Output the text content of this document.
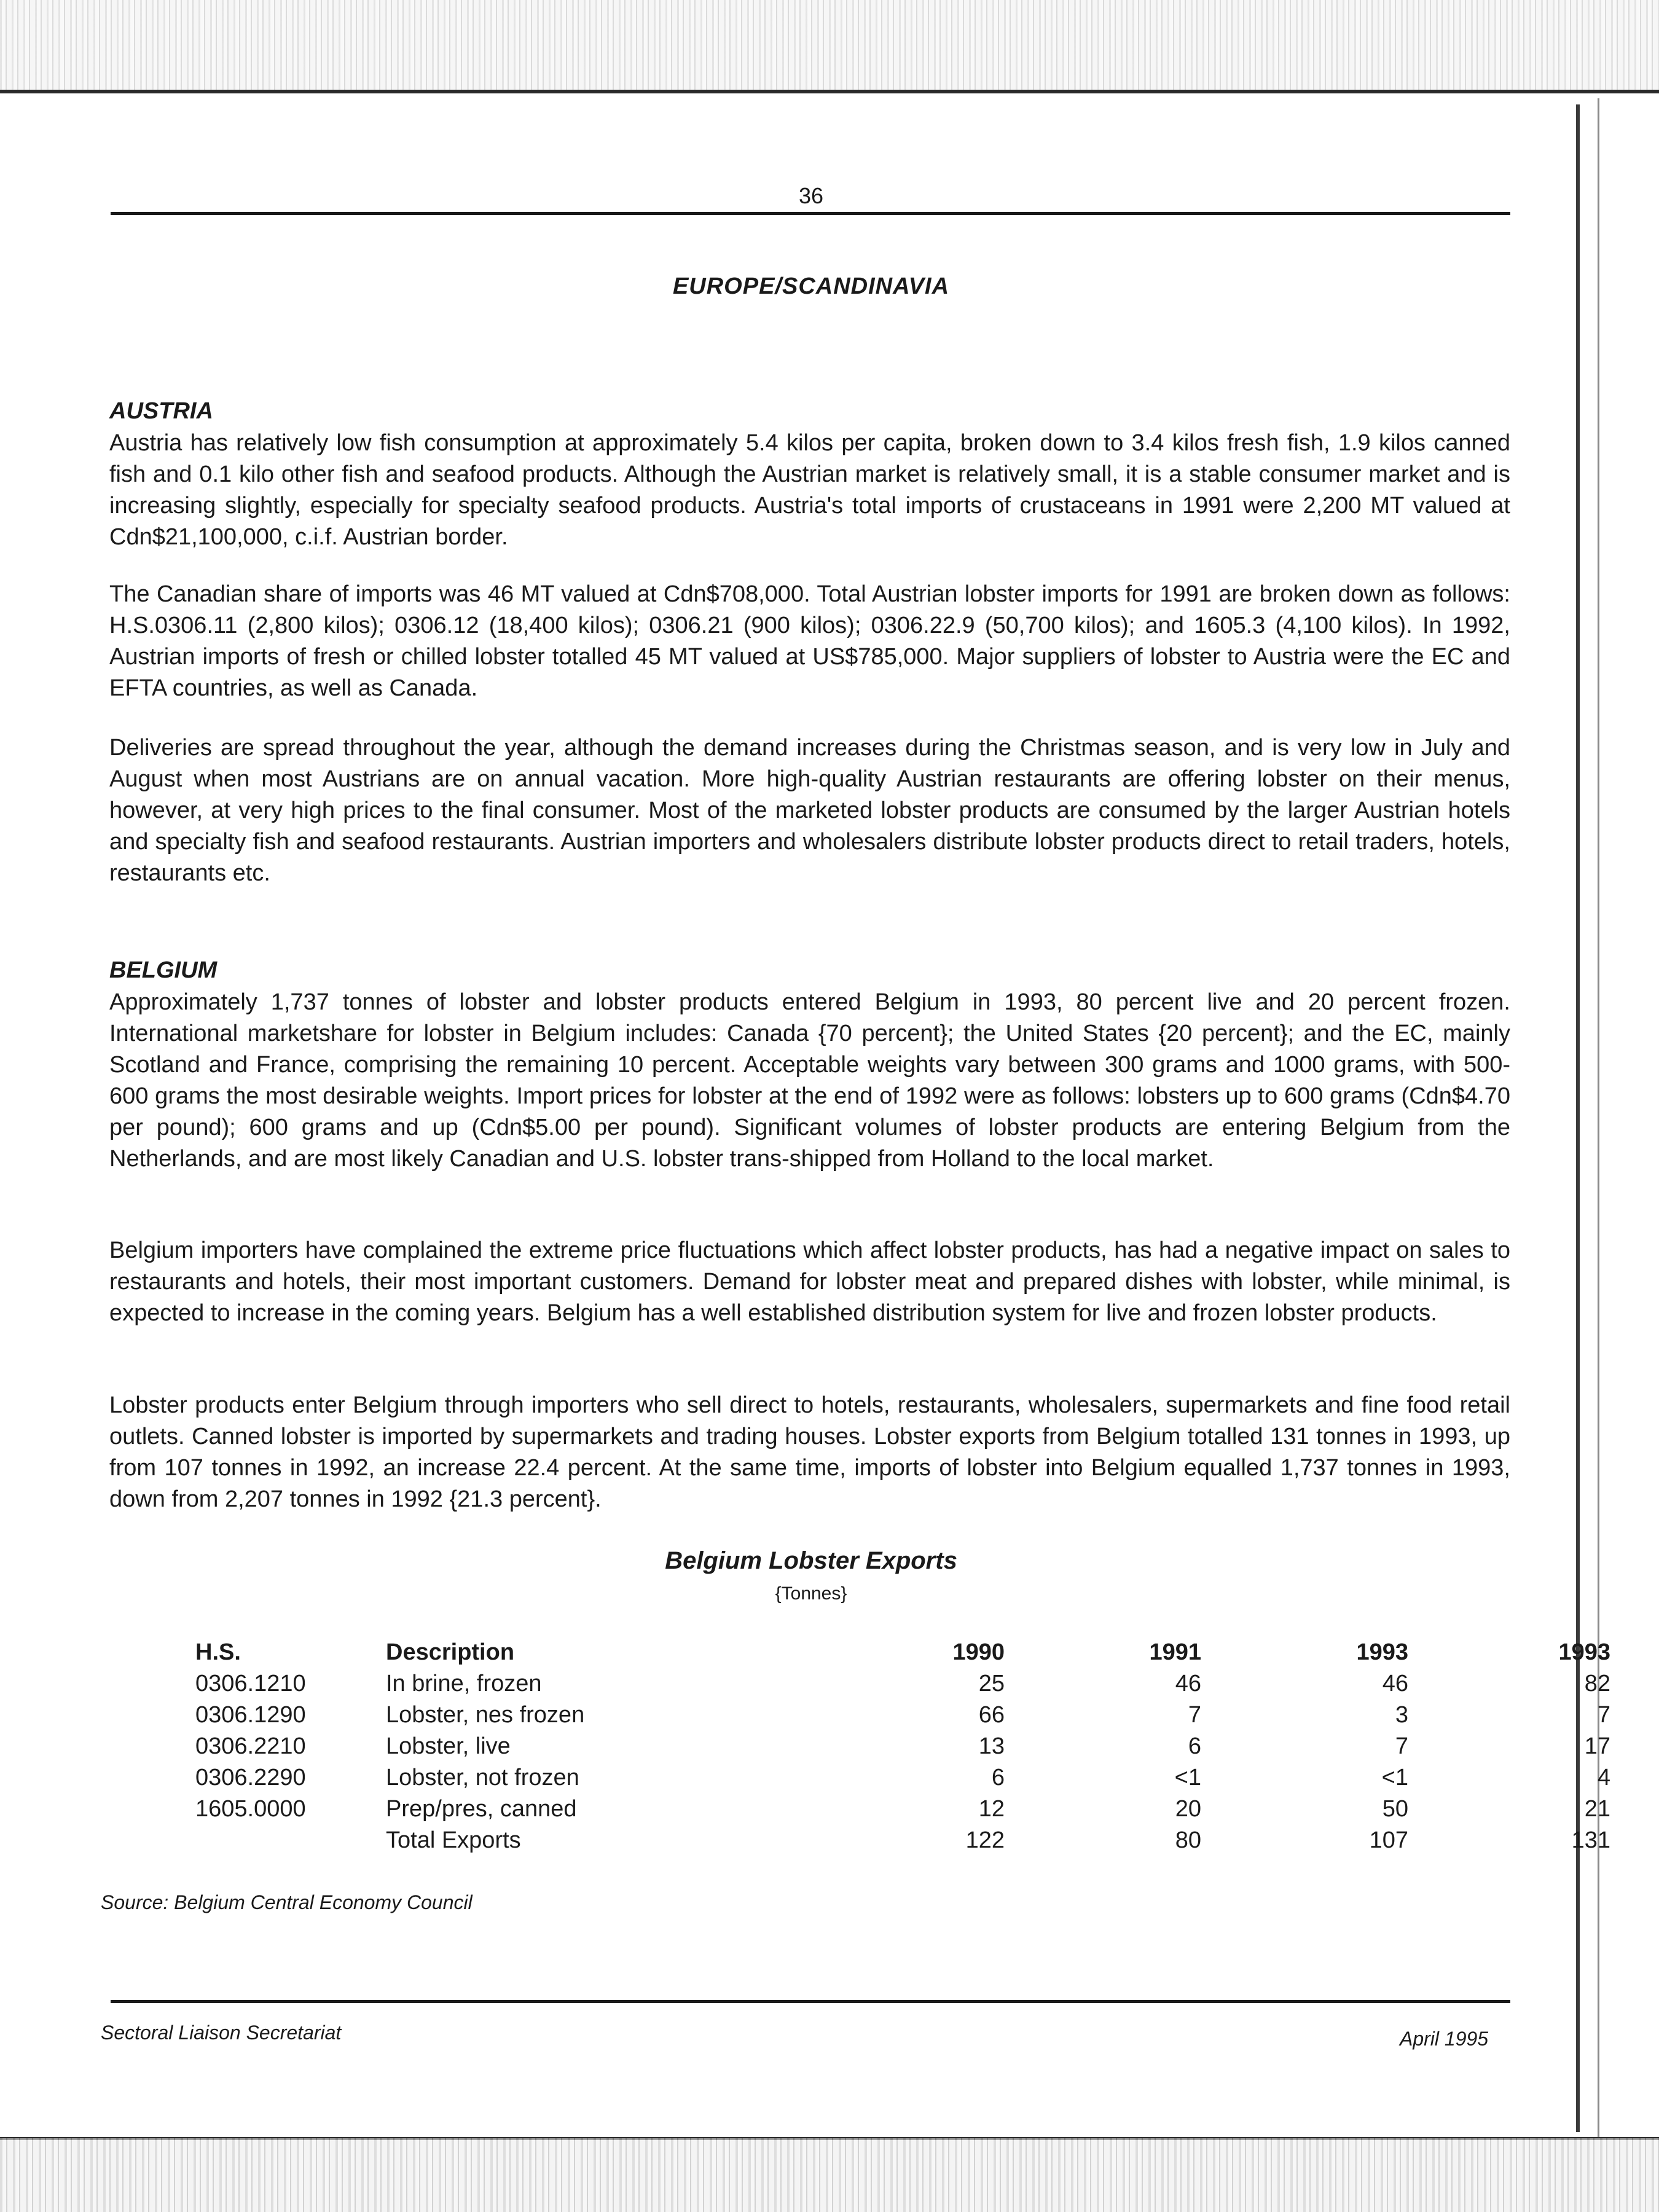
36
EUROPE/SCANDINAVIA
AUSTRIA

Austria has relatively low fish consumption at approximately 5.4 kilos per capita, broken down to 3.4 kilos fresh fish, 1.9 kilos canned fish and 0.1 kilo other fish and seafood products. Although the Austrian market is relatively small, it is a stable consumer market and is increasing slightly, especially for specialty seafood products. Austria's total imports of crustaceans in 1991 were 2,200 MT valued at Cdn$21,100,000, c.i.f. Austrian border.

The Canadian share of imports was 46 MT valued at Cdn$708,000. Total Austrian lobster imports for 1991 are broken down as follows: H.S.0306.11 (2,800 kilos); 0306.12 (18,400 kilos); 0306.21 (900 kilos); 0306.22.9 (50,700 kilos); and 1605.3 (4,100 kilos). In 1992, Austrian imports of fresh or chilled lobster totalled 45 MT valued at US$785,000. Major suppliers of lobster to Austria were the EC and EFTA countries, as well as Canada.

Deliveries are spread throughout the year, although the demand increases during the Christmas season, and is very low in July and August when most Austrians are on annual vacation. More high-quality Austrian restaurants are offering lobster on their menus, however, at very high prices to the final consumer. Most of the marketed lobster products are consumed by the larger Austrian hotels and specialty fish and seafood restaurants. Austrian importers and wholesalers distribute lobster products direct to retail traders, hotels, restaurants etc.

BELGIUM

Approximately 1,737 tonnes of lobster and lobster products entered Belgium in 1993, 80 percent live and 20 percent frozen. International marketshare for lobster in Belgium includes: Canada {70 percent}; the United States {20 percent}; and the EC, mainly Scotland and France, comprising the remaining 10 percent. Acceptable weights vary between 300 grams and 1000 grams, with 500-600 grams the most desirable weights. Import prices for lobster at the end of 1992 were as follows: lobsters up to 600 grams (Cdn$4.70 per pound); 600 grams and up (Cdn$5.00 per pound). Significant volumes of lobster products are entering Belgium from the Netherlands, and are most likely Canadian and U.S. lobster trans-shipped from Holland to the local market.

Belgium importers have complained the extreme price fluctuations which affect lobster products, has had a negative impact on sales to restaurants and hotels, their most important customers. Demand for lobster meat and prepared dishes with lobster, while minimal, is expected to increase in the coming years. Belgium has a well established distribution system for live and frozen lobster products.

Lobster products enter Belgium through importers who sell direct to hotels, restaurants, wholesalers, supermarkets and fine food retail outlets. Canned lobster is imported by supermarkets and trading houses. Lobster exports from Belgium totalled 131 tonnes in 1993, up from 107 tonnes in 1992, an increase 22.4 percent. At the same time, imports of lobster into Belgium equalled 1,737 tonnes in 1993, down from 2,207 tonnes in 1992 {21.3 percent}.

Belgium Lobster Exports
{Tonnes}
H.S.	Description	1990	1991	1993	1993
0306.1210	In brine, frozen	25	46	46	82
0306.1290	Lobster, nes frozen	66	7	3	7
0306.2210	Lobster, live	13	6	7	17
0306.2290	Lobster, not frozen	6	<1	<1	4
1605.0000	Prep/pres, canned	12	20	50	21
	Total Exports	122	80	107	131
Source: Belgium Central Economy Council
Sectoral Liaison Secretariat	April 1995
